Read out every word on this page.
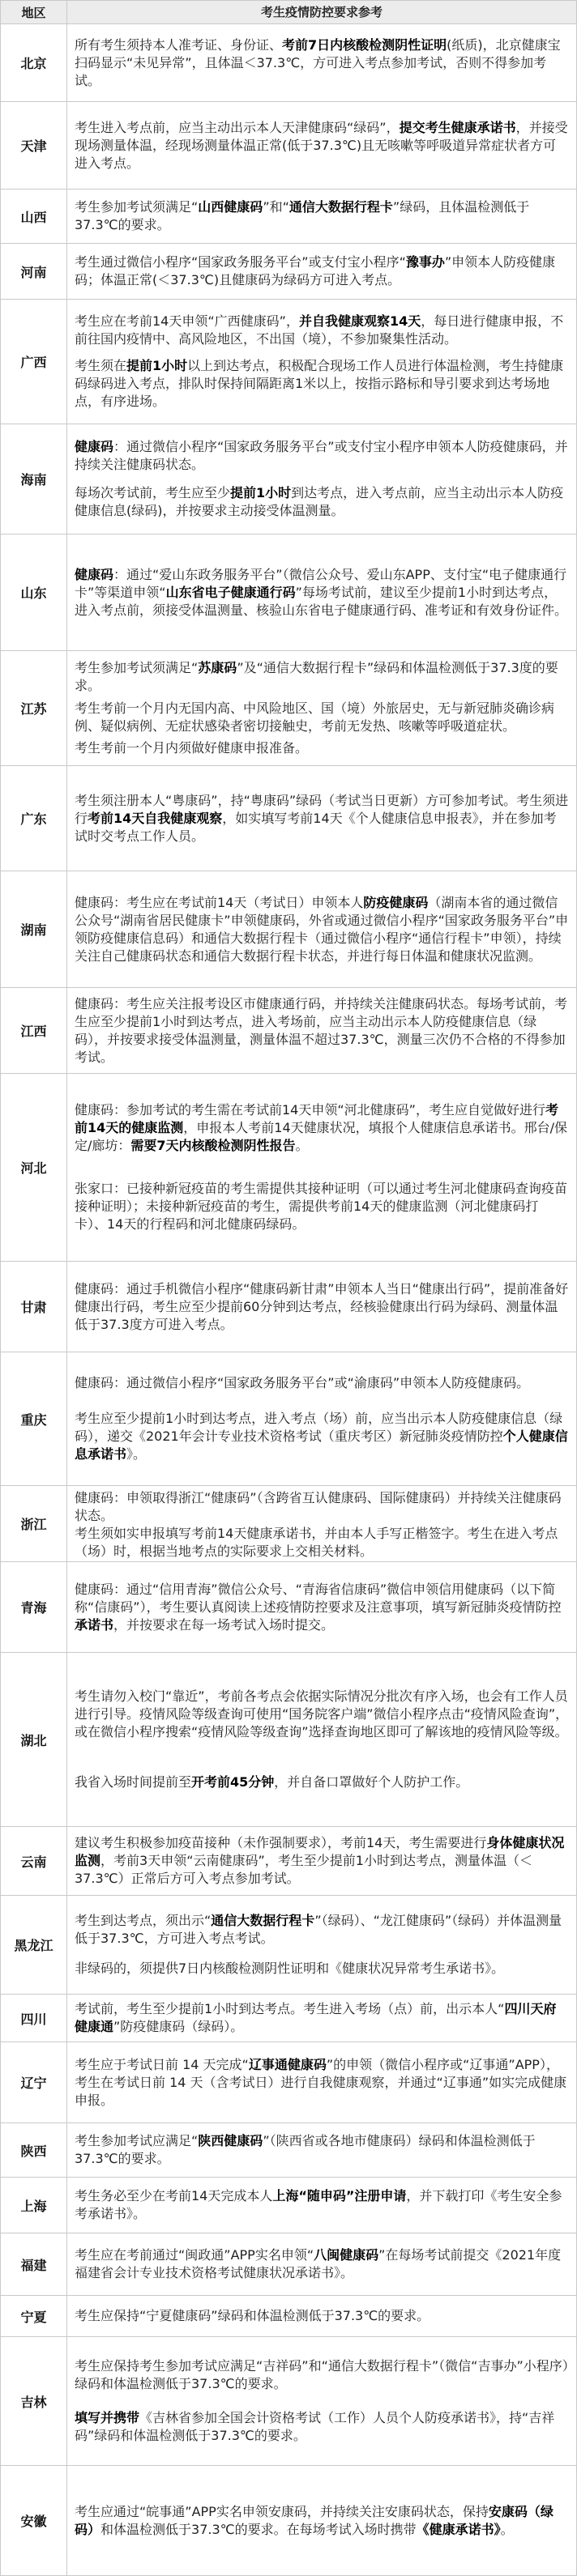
地区	考生疫情防控要求参考
北京

所有考生须持本人准考证、身份证、考前7日内核酸检测阴性证明(纸质)，北京健康宝扫码显示“未见异常”，且体温＜37.3℃，方可进入考点参加考试，否则不得参加考试。

天津

考生进入考点前，应当主动出示本人天津健康码“绿码”，提交考生健康承诺书，并接受现场测量体温，经现场测量体温正常(低于37.3℃)且无咳嗽等呼吸道异常症状者方可进入考点。

山西

考生参加考试须满足“山西健康码”和“通信大数据行程卡”绿码，且体温检测低于37.3℃的要求。

河南

考生通过微信小程序“国家政务服务平台”或支付宝小程序“豫事办”申领本人防疫健康码；体温正常(＜37.3℃)且健康码为绿码方可进入考点。

广西

考生应在考前14天申领“广西健康码”，并自我健康观察14天，每日进行健康申报，不前往国内疫情中、高风险地区，不出国（境），不参加聚集性活动。

考生须在提前1小时以上到达考点，积极配合现场工作人员进行体温检测，考生持健康码绿码进入考点，排队时保持间隔距离1米以上，按指示路标和导引要求到达考场地点，有序进场。

海南

健康码：通过微信小程序“国家政务服务平台”或支付宝小程序申领本人防疫健康码，并持续关注健康码状态。

每场次考试前，考生应至少提前1小时到达考点，进入考点前，应当主动出示本人防疫健康信息(绿码)，并按要求主动接受体温测量。

山东

健康码：通过“爱山东政务服务平台”（微信公众号、爱山东APP、支付宝“电子健康通行卡”等渠道申领“山东省电子健康通行码”每场考试前，建议至少提前1小时到达考点，进入考点前，须接受体温测量、核验山东省电子健康通行码、准考证和有效身份证件。

江苏

考生参加考试须满足“苏康码”及“通信大数据行程卡”绿码和体温检测低于37.3度的要求。

考生考前一个月内无国内高、中风险地区、国（境）外旅居史，无与新冠肺炎确诊病例、疑似病例、无症状感染者密切接触史，考前无发热、咳嗽等呼吸道症状。

考生考前一个月内须做好健康申报准备。

广东

考生须注册本人“粤康码”，持“粤康码”绿码（考试当日更新）方可参加考试。考生须进行考前14天自我健康观察，如实填写考前14天《个人健康信息申报表》，并在参加考试时交考点工作人员。

湖南

健康码：考生应在考试前14天（考试日）申领本人防疫健康码（湖南本省的通过微信公众号“湖南省居民健康卡”申领健康码，外省或通过微信小程序“国家政务服务平台”申领防疫健康信息码）和通信大数据行程卡（通过微信小程序“通信行程卡”申领），持续关注自己健康码状态和通信大数据行程卡状态，并进行每日体温和健康状况监测。

江西

健康码：考生应关注报考设区市健康通行码，并持续关注健康码状态。每场考试前，考生应至少提前1小时到达考点，进入考场前，应当主动出示本人防疫健康信息（绿码），并按要求接受体温测量，测量体温不超过37.3℃，测量三次仍不合格的不得参加考试。

河北

健康码：参加考试的考生需在考试前14天申领“河北健康码”，考生应自觉做好进行考前14天的健康监测，申报本人考前14天健康状况，填报个人健康信息承诺书。邢台/保定/廊坊：需要7天内核酸检测阴性报告。

张家口：已接种新冠疫苗的考生需提供其接种证明（可以通过考生河北健康码查询疫苗接种证明）；未接种新冠疫苗的考生，需提供考前14天的健康监测（河北健康码打卡）、14天的行程码和河北健康码绿码。

甘肃

健康码：通过手机微信小程序“健康码新甘肃”申领本人当日“健康出行码”，提前准备好健康出行码，考生应至少提前60分钟到达考点，经核验健康出行码为绿码、测量体温低于37.3度方可进入考点。

重庆

健康码：通过微信小程序“国家政务服务平台”或“渝康码”申领本人防疫健康码。

考生应至少提前1小时到达考点，进入考点（场）前，应当出示本人防疫健康信息（绿码），递交《2021年会计专业技术资格考试（重庆考区）新冠肺炎疫情防控个人健康信息承诺书》。

浙江

健康码：申领取得浙江“健康码”（含跨省互认健康码、国际健康码）并持续关注健康码状态。

考生须如实申报填写考前14天健康承诺书，并由本人手写正楷签字。考生在进入考点（场）时，根据当地考点的实际要求上交相关材料。

青海

健康码：通过“信用青海”微信公众号、“青海省信康码”微信申领信用健康码（以下简称“信康码”），考生要认真阅读上述疫情防控要求及注意事项，填写新冠肺炎疫情防控承诺书，并按要求在每一场考试入场时提交。

湖北

考生请勿入校门“靠近”，考前各考点会依据实际情况分批次有序入场，也会有工作人员进行引导。疫情风险等级查询可使用“国务院客户端”微信小程序点击“疫情风险查询”，或在微信小程序搜索“疫情风险等级查询”选择查询地区即可了解该地的疫情风险等级。

我省入场时间提前至开考前45分钟，并自备口罩做好个人防护工作。

云南

建议考生积极参加疫苗接种（未作强制要求），考前14天，考生需要进行身体健康状况监测，考前3天申领“云南健康码”，考生至少提前1小时到达考点，测量体温（＜37.3℃）正常后方可入考点参加考试。

黑龙江

考生到达考点，须出示“通信大数据行程卡”（绿码）、“龙江健康码”（绿码）并体温测量低于37.3℃，方可进入考点考试。

非绿码的，须提供7日内核酸检测阴性证明和《健康状况异常考生承诺书》。

四川

考试前，考生至少提前1小时到达考点。考生进入考场（点）前，出示本人“四川天府健康通”防疫健康码（绿码）。

辽宁

考生应于考试日前 14 天完成“辽事通健康码”的申领（微信小程序或“辽事通”APP），考生在考试日前 14 天（含考试日）进行自我健康观察，并通过“辽事通”如实完成健康申报。

陕西

考生参加考试应满足“陕西健康码”（陕西省或各地市健康码）绿码和体温检测低于37.3℃的要求。

上海

考生务必至少在考前14天完成本人上海“随申码”注册申请，并下载打印《考生安全参考承诺书》。

福建

考生应在考前通过“闽政通”APP实名申领“八闽健康码”在每场考试前提交《2021年度福建省会计专业技术资格考试健康状况承诺书》。

宁夏 考生应保持“宁夏健康码”绿码和体温检测低于37.3℃的要求。

吉林

考生应保持考生参加考试应满足“吉祥码”和“通信大数据行程卡”（微信“吉事办”小程序）绿码和体温检测低于37.3℃的要求。

填写并携带《吉林省参加全国会计资格考试（工作）人员个人防疫承诺书》，持“吉祥码”绿码和体温检测低于37.3℃的要求。

安徽

考生应通过“皖事通”APP实名申领安康码，并持续关注安康码状态，保持安康码（绿码）和体温检测低于37.3℃的要求。在每场考试入场时携带《健康承诺书》。
